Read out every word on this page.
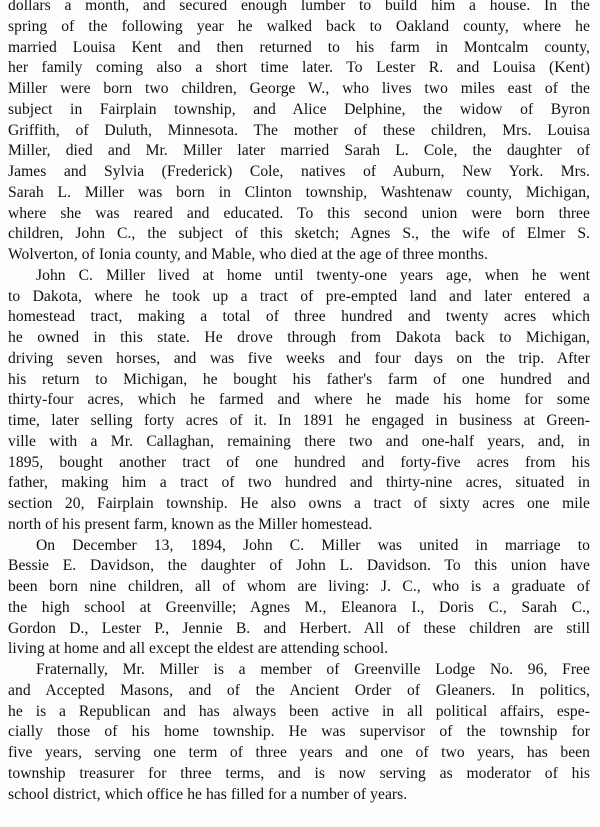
dollars a month, and secured enough lumber to build him a house. In the
spring of the following year he walked back to Oakland county, where he
married Louisa Kent and then returned to his farm in Montcalm county,
her family coming also a short time later. To Lester R. and Louisa (Kent)
Miller were born two children, George W., who lives two miles east of the
subject in Fairplain township, and Alice Delphine, the widow of Byron
Griffith, of Duluth, Minnesota. The mother of these children, Mrs. Louisa
Miller, died and Mr. Miller later married Sarah L. Cole, the daughter of
James and Sylvia (Frederick) Cole, natives of Auburn, New York. Mrs.
Sarah L. Miller was born in Clinton township, Washtenaw county, Michigan,
where she was reared and educated. To this second union were born three
children, John C., the subject of this sketch; Agnes S., the wife of Elmer S.
Wolverton, of Ionia county, and Mable, who died at the age of three months.
John C. Miller lived at home until twenty-one years age, when he went
to Dakota, where he took up a tract of pre-empted land and later entered a
homestead tract, making a total of three hundred and twenty acres which
he owned in this state. He drove through from Dakota back to Michigan,
driving seven horses, and was five weeks and four days on the trip. After
his return to Michigan, he bought his father's farm of one hundred and
thirty-four acres, which he farmed and where he made his home for some
time, later selling forty acres of it. In 1891 he engaged in business at Green-
ville with a Mr. Callaghan, remaining there two and one-half years, and, in
1895, bought another tract of one hundred and forty-five acres from his
father, making him a tract of two hundred and thirty-nine acres, situated in
section 20, Fairplain township. He also owns a tract of sixty acres one mile
north of his present farm, known as the Miller homestead.
On December 13, 1894, John C. Miller was united in marriage to
Bessie E. Davidson, the daughter of John L. Davidson. To this union have
been born nine children, all of whom are living: J. C., who is a graduate of
the high school at Greenville; Agnes M., Eleanora I., Doris C., Sarah C.,
Gordon D., Lester P., Jennie B. and Herbert. All of these children are still
living at home and all except the eldest are attending school.
Fraternally, Mr. Miller is a member of Greenville Lodge No. 96, Free
and Accepted Masons, and of the Ancient Order of Gleaners. In politics,
he is a Republican and has always been active in all political affairs, espe-
cially those of his home township. He was supervisor of the township for
five years, serving one term of three years and one of two years, has been
township treasurer for three terms, and is now serving as moderator of his
school district, which office he has filled for a number of years.
